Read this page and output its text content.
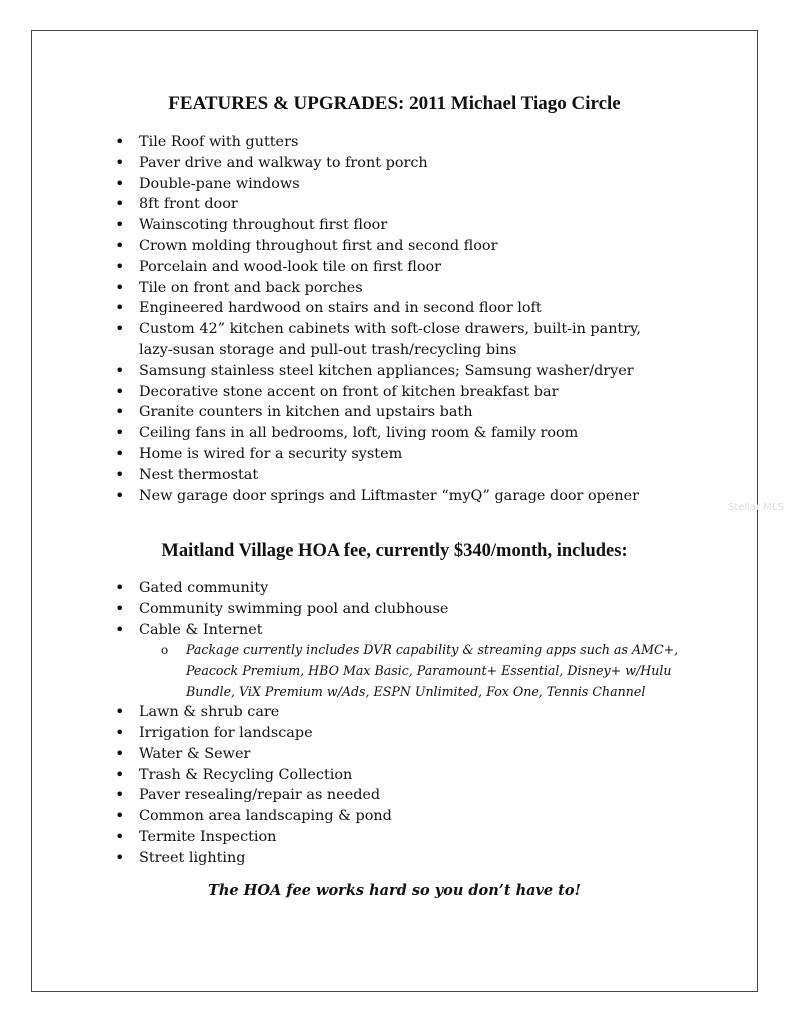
FEATURES & UPGRADES: 2011 Michael Tiago Circle
• Tile Roof with gutters
• Paver drive and walkway to front porch
• Double-pane windows
• 8ft front door
• Wainscoting throughout first floor
• Crown molding throughout first and second floor
• Porcelain and wood-look tile on first floor
• Tile on front and back porches
• Engineered hardwood on stairs and in second floor loft
• Custom 42” kitchen cabinets with soft-close drawers, built-in pantry, lazy-susan storage and pull-out trash/recycling bins
• Samsung stainless steel kitchen appliances; Samsung washer/dryer
• Decorative stone accent on front of kitchen breakfast bar
• Granite counters in kitchen and upstairs bath
• Ceiling fans in all bedrooms, loft, living room & family room
• Home is wired for a security system
• Nest thermostat
• New garage door springs and Liftmaster “myQ” garage door opener
Stellar MLS
Maitland Village HOA fee, currently $340/month, includes:
• Gated community
• Community swimming pool and clubhouse
• Cable & Internet
o Package currently includes DVR capability & streaming apps such as AMC+, Peacock Premium, HBO Max Basic, Paramount+ Essential, Disney+ w/Hulu Bundle, ViX Premium w/Ads, ESPN Unlimited, Fox One, Tennis Channel
• Lawn & shrub care
• Irrigation for landscape
• Water & Sewer
• Trash & Recycling Collection
• Paver resealing/repair as needed
• Common area landscaping & pond
• Termite Inspection
• Street lighting

The HOA fee works hard so you don’t have to!
